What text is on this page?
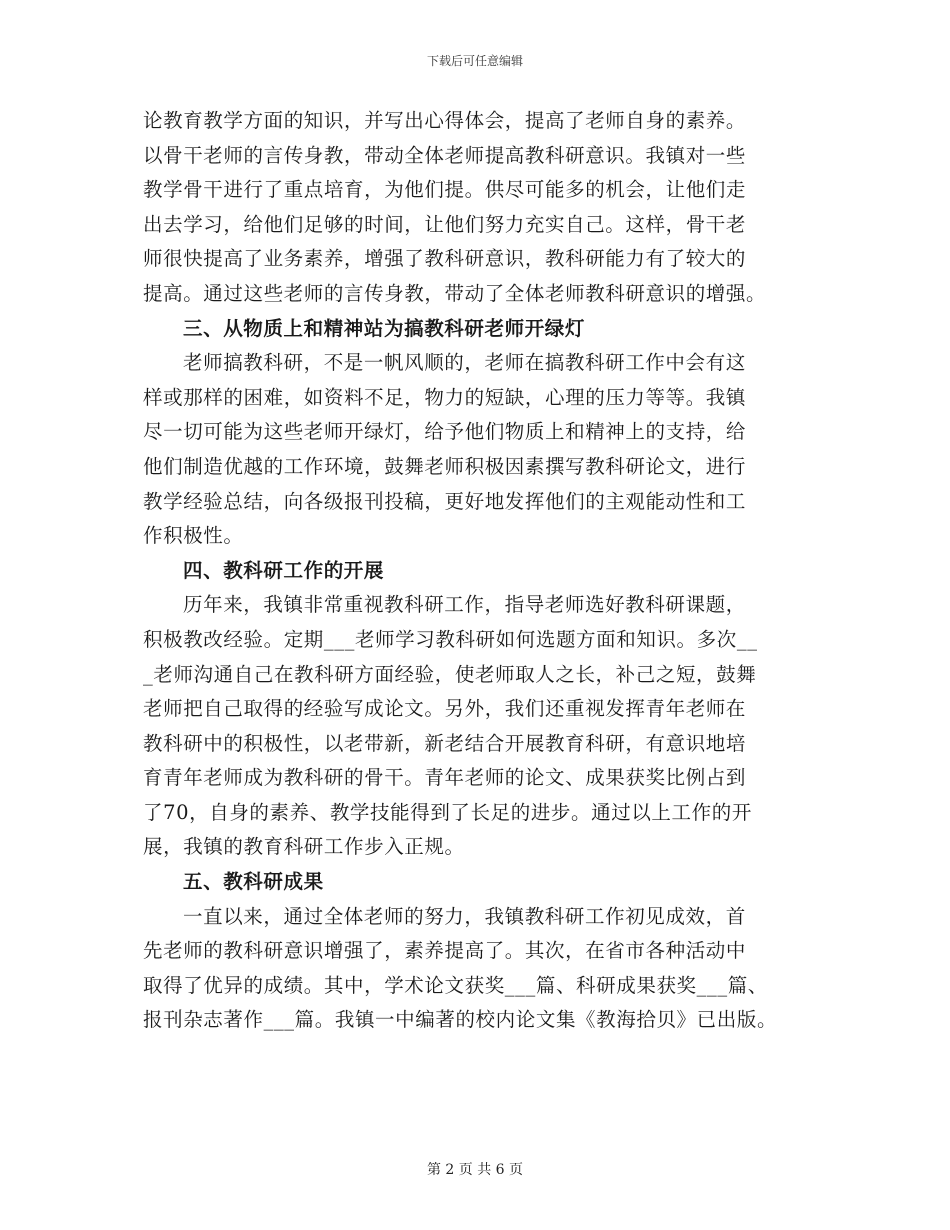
下载后可任意编辑
论教育教学方面的知识，并写出心得体会，提高了老师自身的素养。
以骨干老师的言传身教，带动全体老师提高教科研意识。我镇对一些
教学骨干进行了重点培育，为他们提。供尽可能多的机会，让他们走
出去学习，给他们足够的时间，让他们努力充实自己。这样，骨干老
师很快提高了业务素养，增强了教科研意识，教科研能力有了较大的
提高。通过这些老师的言传身教，带动了全体老师教科研意识的增强。
三、从物质上和精神站为搞教科研老师开绿灯
老师搞教科研，不是一帆风顺的，老师在搞教科研工作中会有这
样或那样的困难，如资料不足，物力的短缺，心理的压力等等。我镇
尽一切可能为这些老师开绿灯，给予他们物质上和精神上的支持，给
他们制造优越的工作环境，鼓舞老师积极因素撰写教科研论文，进行
教学经验总结，向各级报刊投稿，更好地发挥他们的主观能动性和工
作积极性。
四、教科研工作的开展
历年来，我镇非常重视教科研工作，指导老师选好教科研课题，
积极教改经验。定期___老师学习教科研如何选题方面和知识。多次__
_老师沟通自己在教科研方面经验，使老师取人之长，补己之短，鼓舞
老师把自己取得的经验写成论文。另外，我们还重视发挥青年老师在
教科研中的积极性，以老带新，新老结合开展教育科研，有意识地培
育青年老师成为教科研的骨干。青年老师的论文、成果获奖比例占到
了70，自身的素养、教学技能得到了长足的进步。通过以上工作的开
展，我镇的教育科研工作步入正规。
五、教科研成果
一直以来，通过全体老师的努力，我镇教科研工作初见成效，首
先老师的教科研意识增强了，素养提高了。其次，在省市各种活动中
取得了优异的成绩。其中，学术论文获奖___篇、科研成果获奖___篇、
报刊杂志著作___篇。我镇一中编著的校内论文集《教海拾贝》已出版。
第 2 页 共 6 页
